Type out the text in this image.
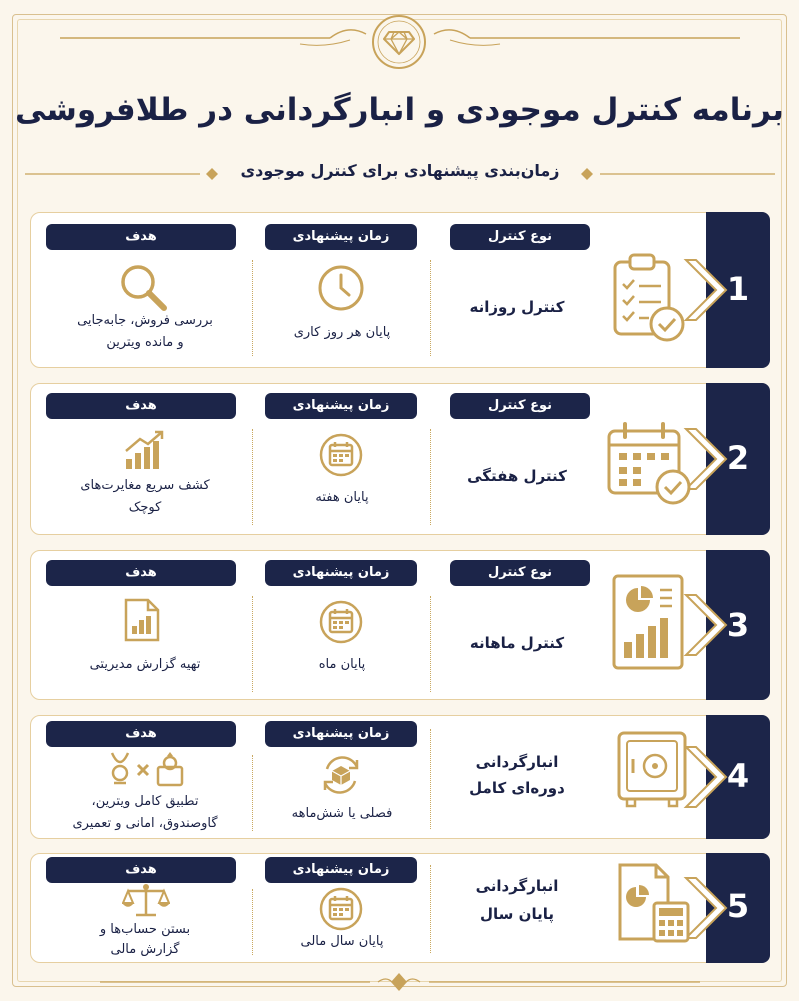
برنامه کنترل موجودی و انبارگردانی در طلافروشی
زمان‌بندی پیشنهادی برای کنترل موجودی
1
نوع کنترل
زمان پیشنهادی
هدف
کنترل روزانه
پایان هر روز کاری
بررسی فروش، جابه‌جایی
و مانده ویترین
2
نوع کنترل
زمان پیشنهادی
هدف
کنترل هفتگی
پایان هفته
کشف سریع مغایرت‌های
کوچک
3
نوع کنترل
زمان پیشنهادی
هدف
کنترل ماهانه
پایان ماه
تهیه گزارش مدیریتی
4
زمان پیشنهادی
هدف
انبارگردانی
دوره‌ای کامل
فصلی یا شش‌ماهه
تطبیق کامل ویترین،
گاوصندوق، امانی و تعمیری
5
زمان پیشنهادی
هدف
انبارگردانی
پایان سال
پایان سال مالی
بستن حساب‌ها و
گزارش مالی
